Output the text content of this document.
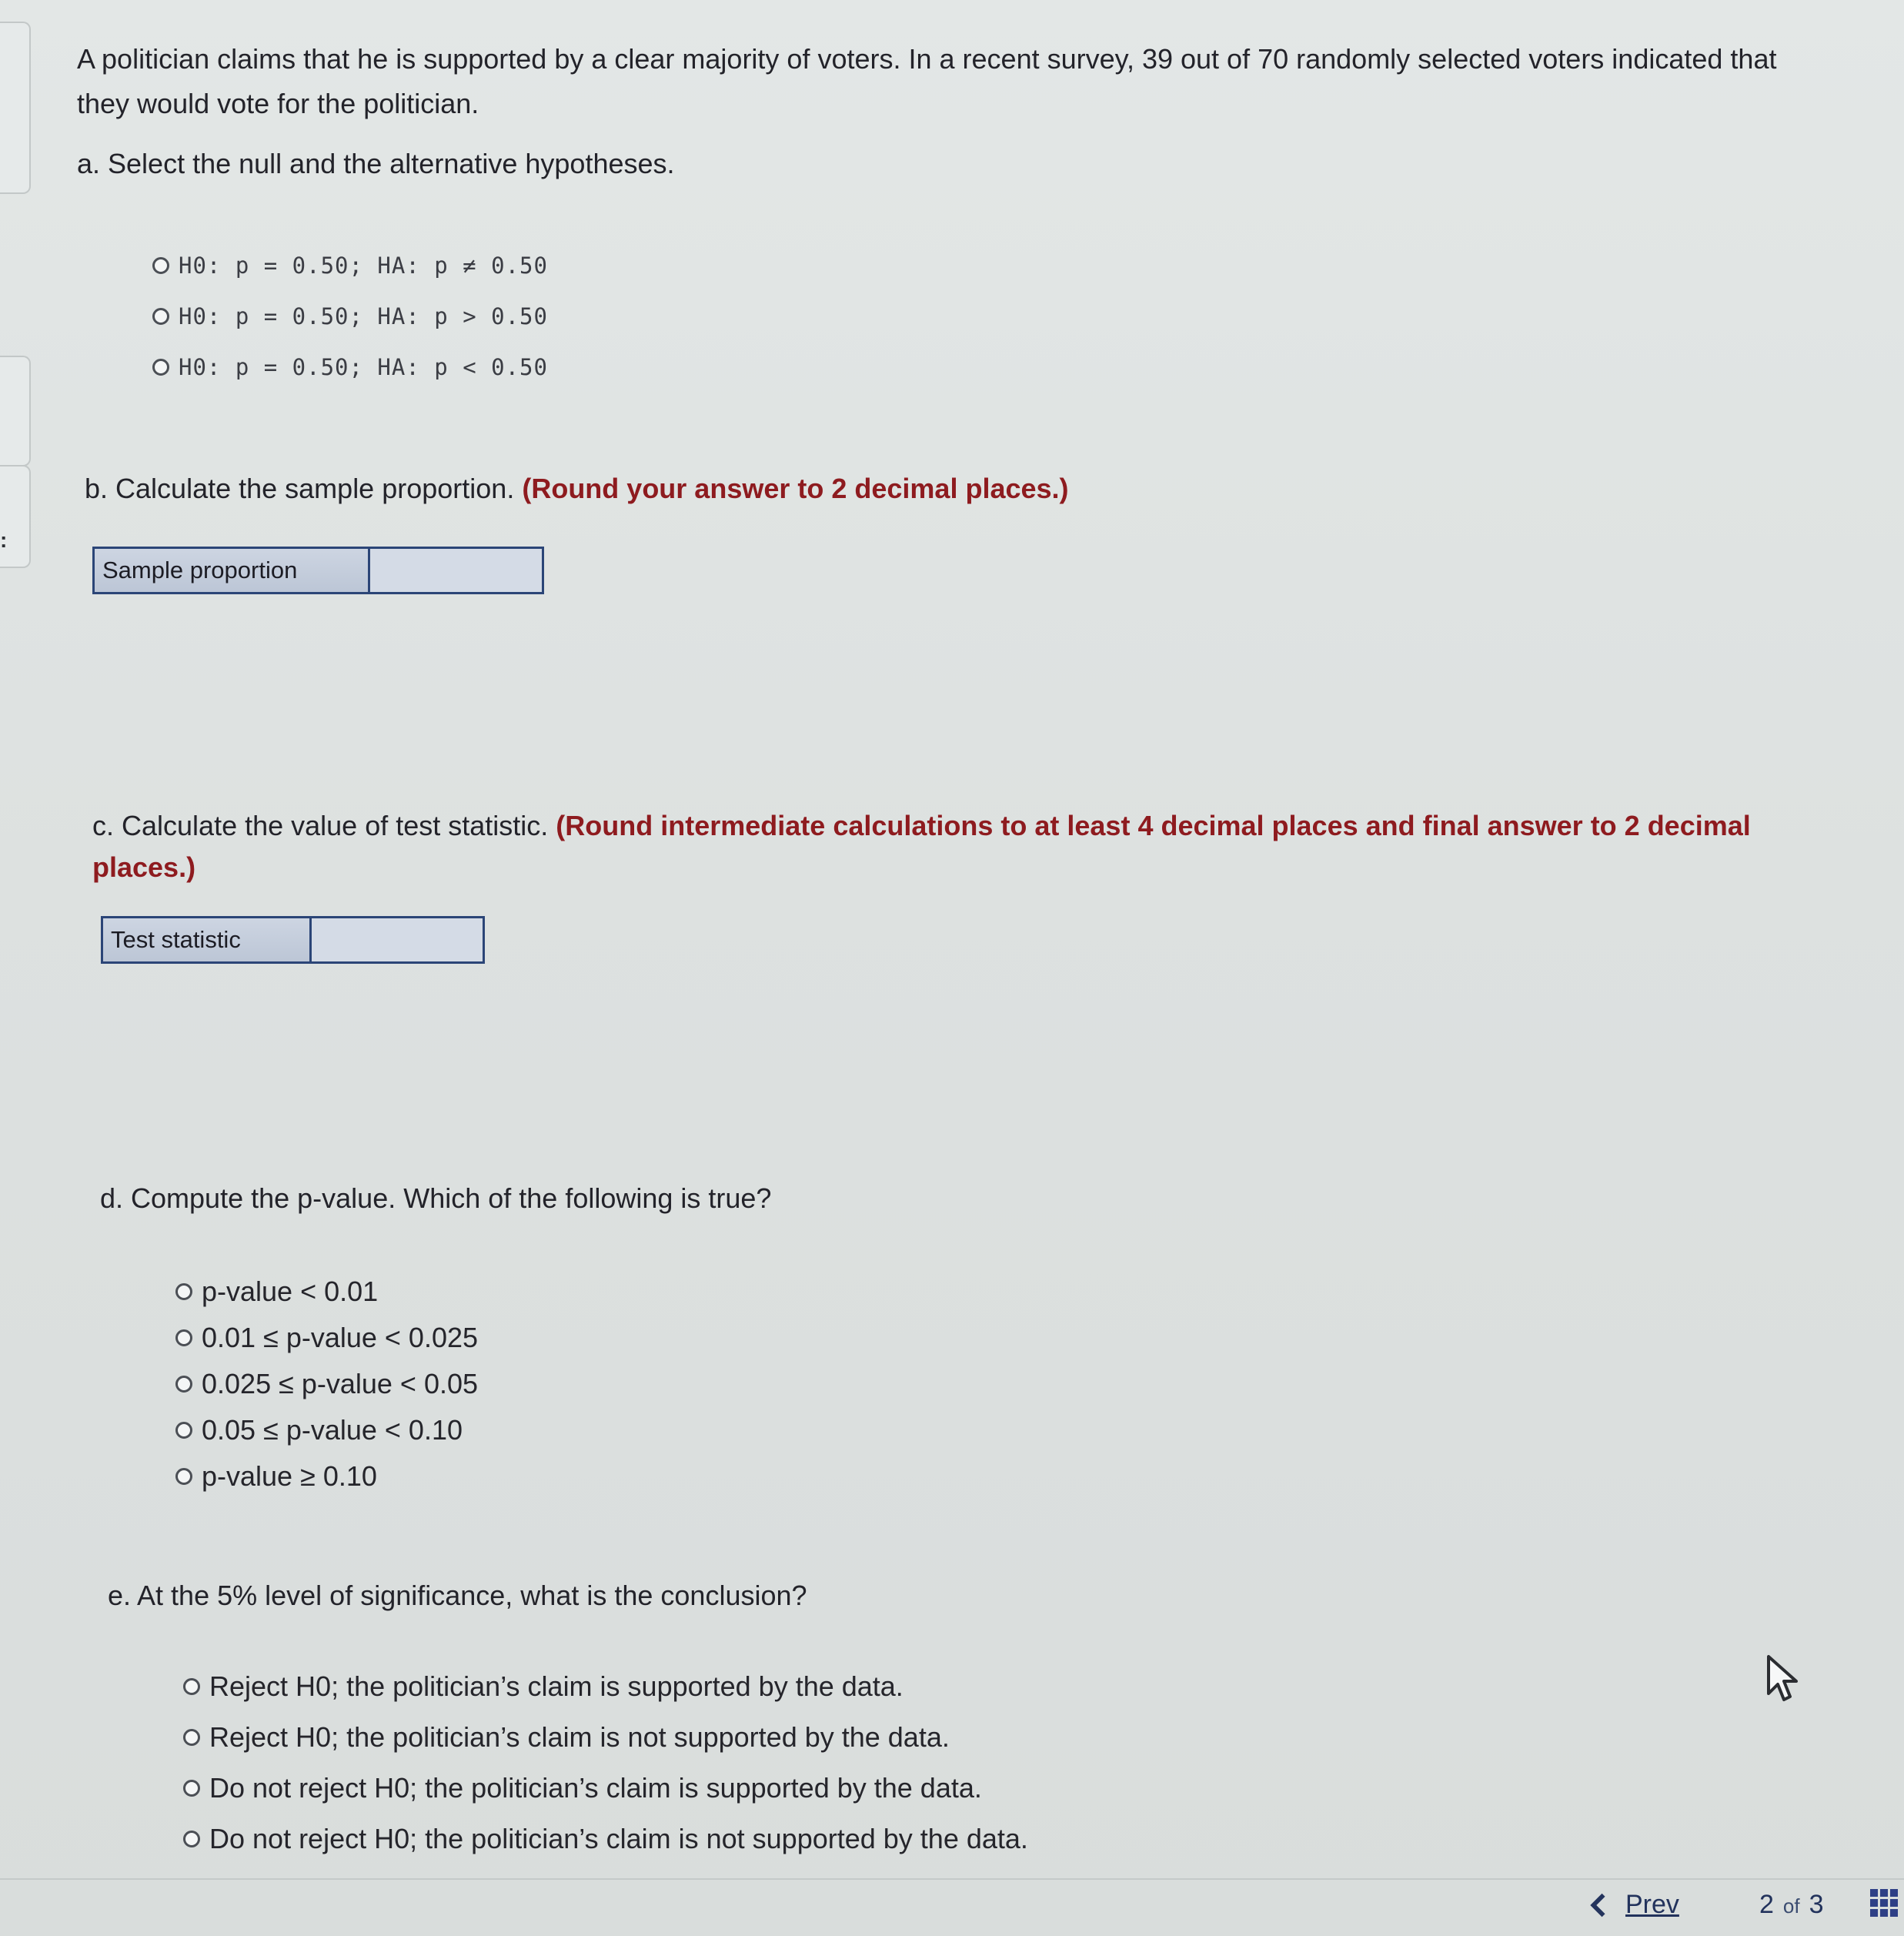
:
A politician claims that he is supported by a clear majority of voters. In a recent survey, 39 out of 70 randomly selected voters indicated that they would vote for the politician.
a. Select the null and the alternative hypotheses.
H0: p = 0.50; HA: p ≠ 0.50
H0: p = 0.50; HA: p > 0.50
H0: p = 0.50; HA: p < 0.50
b. Calculate the sample proportion. (Round your answer to 2 decimal places.)
Sample proportion
c. Calculate the value of test statistic. (Round intermediate calculations to at least 4 decimal places and final answer to 2 decimal places.)
Test statistic
d. Compute the p-value. Which of the following is true?
p-value < 0.01
0.01 ≤ p-value < 0.025
0.025 ≤ p-value < 0.05
0.05 ≤ p-value < 0.10
p-value ≥ 0.10
e. At the 5% level of significance, what is the conclusion?
Reject H0; the politician’s claim is supported by the data.
Reject H0; the politician’s claim is not supported by the data.
Do not reject H0; the politician’s claim is supported by the data.
Do not reject H0; the politician’s claim is not supported by the data.
Prev	2 of 3
